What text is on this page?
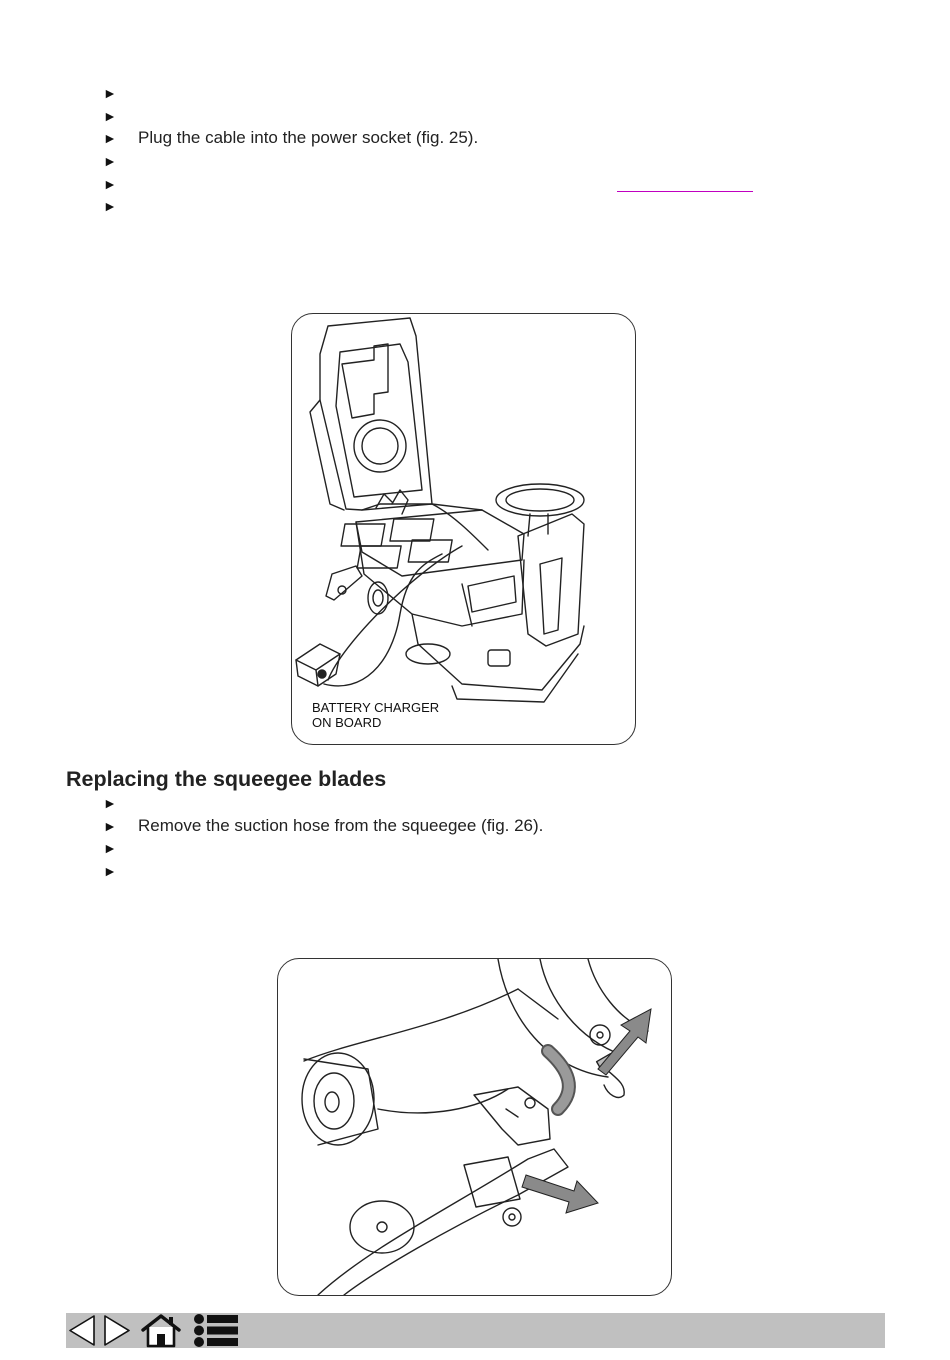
►
►
►	Plug the cable into the power socket (fig. 25).
►
►
►
BATTERY CHARGER
ON BOARD
Replacing the squeegee blades
►
►	Remove the suction hose from the squeegee (fig. 26).
►
►
